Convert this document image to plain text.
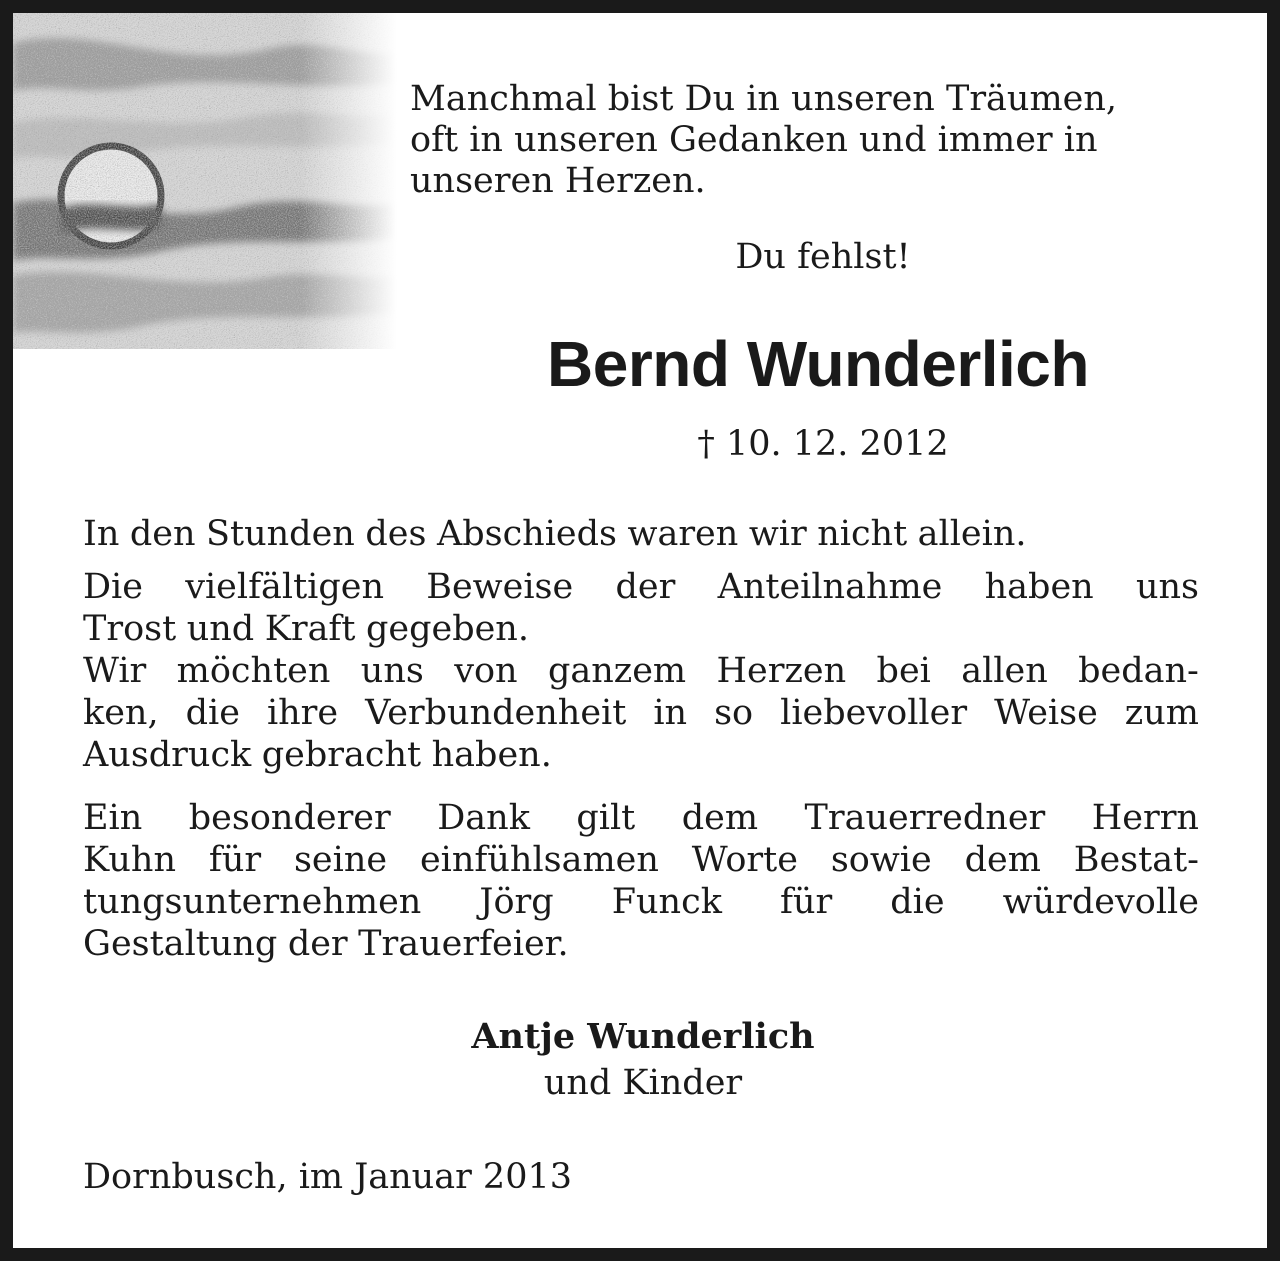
Manchmal bist Du in unseren Träumen,
oft in unseren Gedanken und immer in
unseren Herzen.
Du fehlst!
Bernd Wunderlich
† 10. 12. 2012
In den Stunden des Abschieds waren wir nicht allein.
Die vielfältigen Beweise der Anteilnahme haben uns
Trost und Kraft gegeben.
Wir möchten uns von ganzem Herzen bei allen bedan-
ken, die ihre Verbundenheit in so liebevoller Weise zum
Ausdruck gebracht haben.
Ein besonderer Dank gilt dem Trauerredner Herrn
Kuhn für seine einfühlsamen Worte sowie dem Bestat-
tungsunternehmen Jörg Funck für die würdevolle
Gestaltung der Trauerfeier.
Antje Wunderlich
und Kinder
Dornbusch, im Januar 2013
